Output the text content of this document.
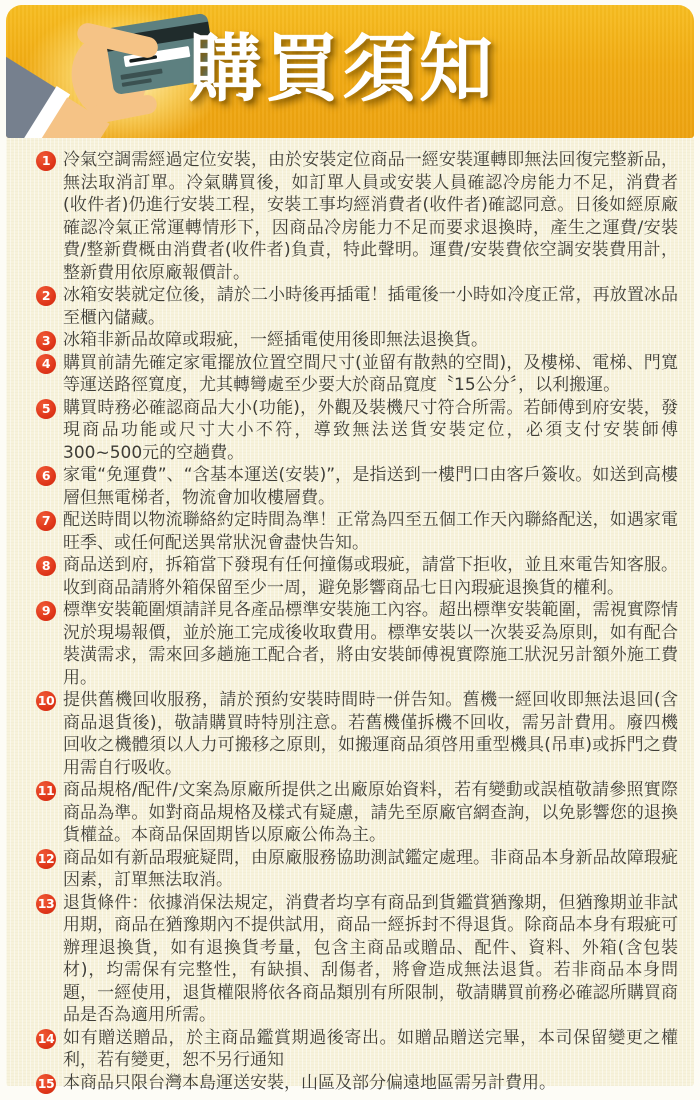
購買須知
1 冷氣空調需經過定位安裝，由於安裝定位商品一經安裝運轉即無法回復完整新品，無法取消訂單。冷氣購買後，如訂單人員或安裝人員確認冷房能力不足，消費者(收件者)仍進行安裝工程，安裝工事均經消費者(收件者)確認同意。日後如經原廠確認冷氣正常運轉情形下，因商品冷房能力不足而要求退換時，產生之運費/安裝費/整新費概由消費者(收件者)負責，特此聲明。運費/安裝費依空調安裝費用計，整新費用依原廠報價計。
2 冰箱安裝就定位後，請於二小時後再插電！插電後一小時如冷度正常，再放置冰品至櫃內儲藏。
3 冰箱非新品故障或瑕疵，一經插電使用後即無法退換貨。
4 購買前請先確定家電擺放位置空間尺寸(並留有散熱的空間)，及樓梯、電梯、門寬等運送路徑寬度，尤其轉彎處至少要大於商品寬度〝15公分〞，以利搬運。
5 購買時務必確認商品大小(功能)，外觀及裝機尺寸符合所需。若師傅到府安裝，發現商品功能或尺寸大小不符，導致無法送貨安裝定位，必須支付安裝師傅300~500元的空趟費。
6 家電“免運費”、“含基本運送(安裝)”，是指送到一樓門口由客戶簽收。如送到高樓層但無電梯者，物流會加收樓層費。
7 配送時間以物流聯絡約定時間為準！正常為四至五個工作天內聯絡配送，如遇家電旺季、或任何配送異常狀況會盡快告知。
8 商品送到府，拆箱當下發現有任何撞傷或瑕疵，請當下拒收，並且來電告知客服。收到商品請將外箱保留至少一周，避免影響商品七日內瑕疵退換貨的權利。
9 標準安裝範圍煩請詳見各產品標準安裝施工內容。超出標準安裝範圍，需視實際情況於現場報價，並於施工完成後收取費用。標準安裝以一次裝妥為原則，如有配合裝潢需求，需來回多趟施工配合者，將由安裝師傅視實際施工狀況另計額外施工費用。
10 提供舊機回收服務，請於預約安裝時間時一併告知。舊機一經回收即無法退回(含商品退貨後)，敬請購買時特別注意。若舊機僅拆機不回收，需另計費用。廢四機回收之機體須以人力可搬移之原則，如搬運商品須啓用重型機具(吊車)或拆門之費用需自行吸收。
11 商品規格/配件/文案為原廠所提供之出廠原始資料，若有變動或誤植敬請參照實際商品為準。如對商品規格及樣式有疑慮，請先至原廠官網查詢，以免影響您的退換貨權益。本商品保固期皆以原廠公佈為主。
12 商品如有新品瑕疵疑問，由原廠服務協助測試鑑定處理。非商品本身新品故障瑕疵因素，訂單無法取消。
13 退貨條件：依據消保法規定，消費者均享有商品到貨鑑賞猶豫期，但猶豫期並非試用期，商品在猶豫期內不提供試用，商品一經拆封不得退貨。除商品本身有瑕疵可辦理退換貨，如有退換貨考量，包含主商品或贈品、配件、資料、外箱(含包裝材)，均需保有完整性，有缺損、刮傷者，將會造成無法退貨。若非商品本身問題，一經使用，退貨權限將依各商品類別有所限制，敬請購買前務必確認所購買商品是否為適用所需。
14 如有贈送贈品，於主商品鑑賞期過後寄出。如贈品贈送完畢，本司保留變更之權利，若有變更，恕不另行通知
15 本商品只限台灣本島運送安裝，山區及部分偏遠地區需另計費用。
